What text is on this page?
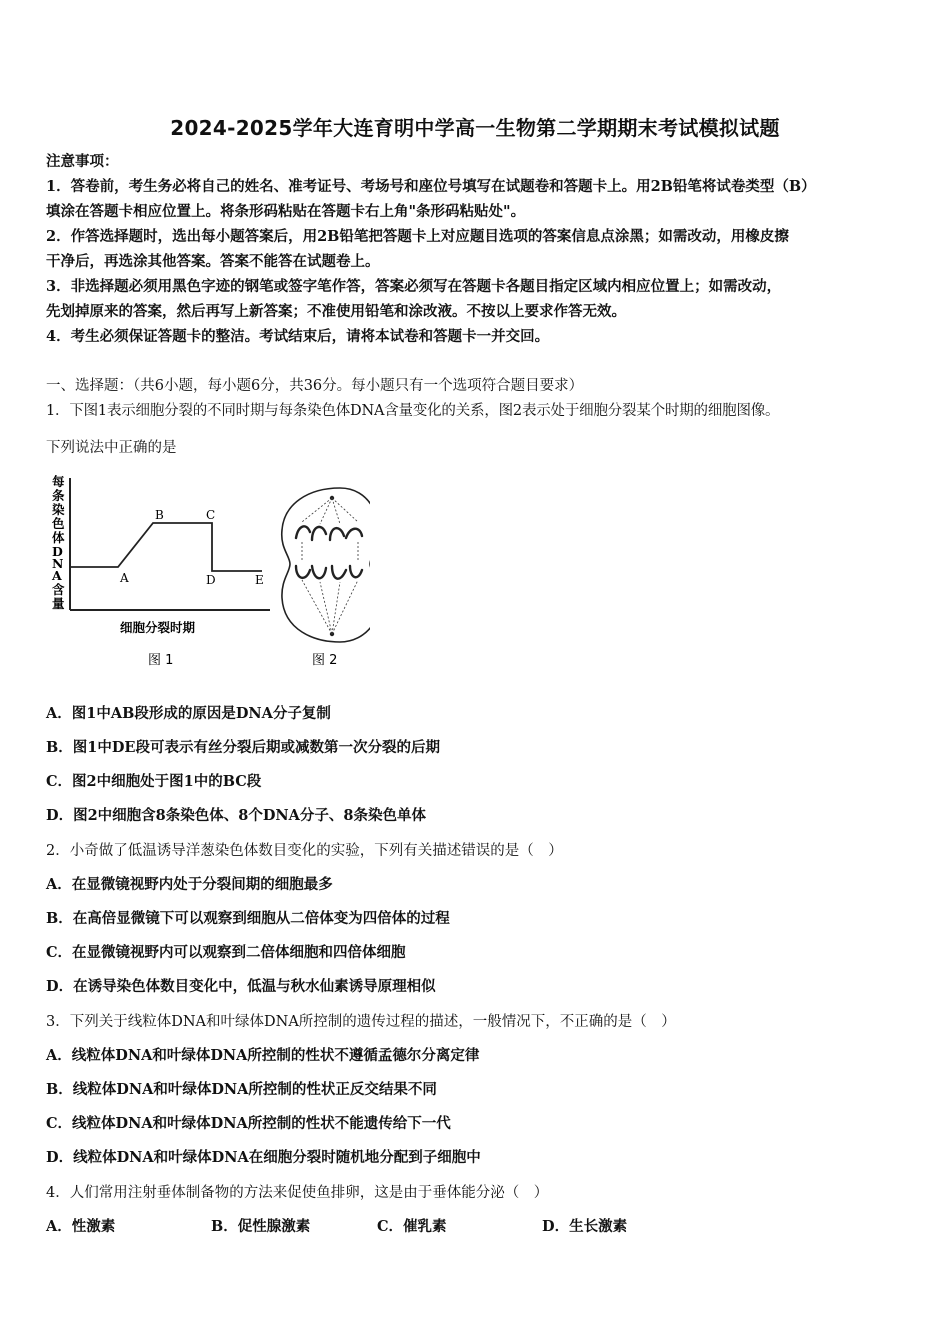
2024-2025学年大连育明中学高一生物第二学期期末考试模拟试题
注意事项：
1．答卷前，考生务必将自己的姓名、准考证号、考场号和座位号填写在试题卷和答题卡上。用2B铅笔将试卷类型（B）
填涂在答题卡相应位置上。将条形码粘贴在答题卡右上角"条形码粘贴处"。
2．作答选择题时，选出每小题答案后，用2B铅笔把答题卡上对应题目选项的答案信息点涂黑；如需改动，用橡皮擦
干净后，再选涂其他答案。答案不能答在试题卷上。
3．非选择题必须用黑色字迹的钢笔或签字笔作答，答案必须写在答题卡各题目指定区域内相应位置上；如需改动，
先划掉原来的答案，然后再写上新答案；不准使用铅笔和涂改液。不按以上要求作答无效。
4．考生必须保证答题卡的整洁。考试结束后，请将本试卷和答题卡一并交回。
一、选择题：（共6小题，每小题6分，共36分。每小题只有一个选项符合题目要求）
1．下图1表示细胞分裂的不同时期与每条染色体DNA含量变化的关系，图2表示处于细胞分裂某个时期的细胞图像。
下列说法中正确的是
每条染色体 D N A 含量
A
B	C
D	E
细胞分裂时期
图 1	图 2
A．图1中AB段形成的原因是DNA分子复制
B．图1中DE段可表示有丝分裂后期或减数第一次分裂的后期
C．图2中细胞处于图1中的BC段
D．图2中细胞含8条染色体、8个DNA分子、8条染色单体
2．小奇做了低温诱导洋葱染色体数目变化的实验，下列有关描述错误的是（　）
A．在显微镜视野内处于分裂间期的细胞最多
B．在高倍显微镜下可以观察到细胞从二倍体变为四倍体的过程
C．在显微镜视野内可以观察到二倍体细胞和四倍体细胞
D．在诱导染色体数目变化中，低温与秋水仙素诱导原理相似
3．下列关于线粒体DNA和叶绿体DNA所控制的遗传过程的描述，一般情况下，不正确的是（　）
A．线粒体DNA和叶绿体DNA所控制的性状不遵循孟德尔分离定律
B．线粒体DNA和叶绿体DNA所控制的性状正反交结果不同
C．线粒体DNA和叶绿体DNA所控制的性状不能遗传给下一代
D．线粒体DNA和叶绿体DNA在细胞分裂时随机地分配到子细胞中
4．人们常用注射垂体制备物的方法来促使鱼排卵，这是由于垂体能分泌（　）
A．性激素	B．促性腺激素	C．催乳素	D．生长激素
